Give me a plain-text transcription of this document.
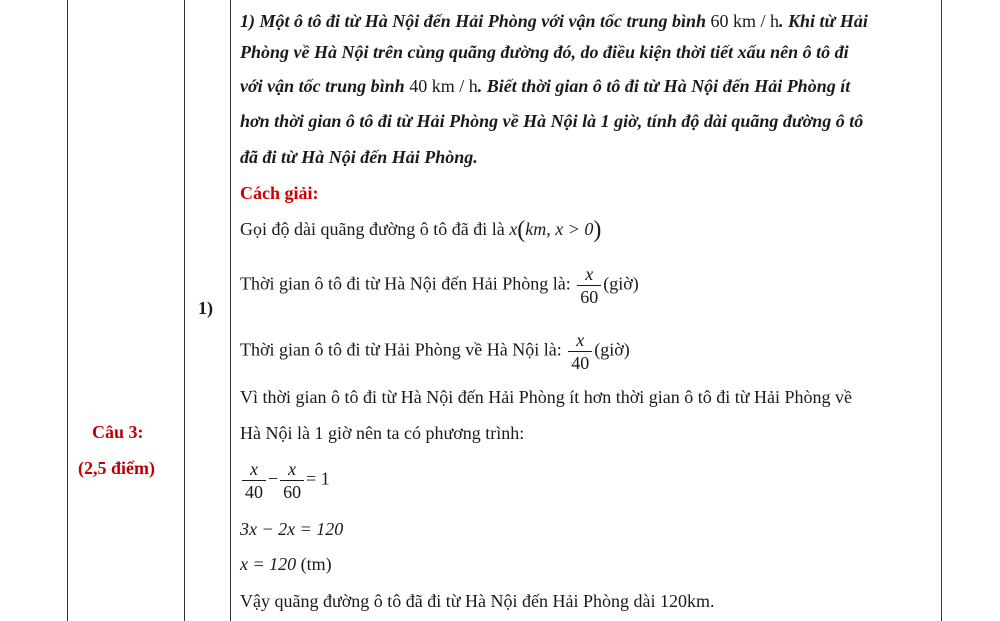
Câu 3:
(2,5 điểm)
1)
1) Một ô tô đi từ Hà Nội đến Hải Phòng với vận tốc trung bình 60 km / h. Khi từ Hải
Phòng về Hà Nội trên cùng quãng đường đó, do điều kiện thời tiết xấu nên ô tô đi
với vận tốc trung bình 40 km / h. Biết thời gian ô tô đi từ Hà Nội đến Hải Phòng ít
hơn thời gian ô tô đi từ Hải Phòng về Hà Nội là 1 giờ, tính độ dài quãng đường ô tô
đã đi từ Hà Nội đến Hải Phòng.
Cách giải:
Gọi độ dài quãng đường ô tô đã đi là x(km, x > 0)
Thời gian ô tô đi từ Hà Nội đến Hải Phòng là: $\frac{x}{60}$ (giờ)
Thời gian ô tô đi từ Hải Phòng về Hà Nội là: $\frac{x}{40}$ (giờ)
Vì thời gian ô tô đi từ Hà Nội đến Hải Phòng ít hơn thời gian ô tô đi từ Hải Phòng về
Hà Nội là 1 giờ nên ta có phương trình:
$\frac{x}{40} - \frac{x}{60} = 1$
3x − 2x = 120
x = 120 (tm)
Vậy quãng đường ô tô đã đi từ Hà Nội đến Hải Phòng dài 120km.
